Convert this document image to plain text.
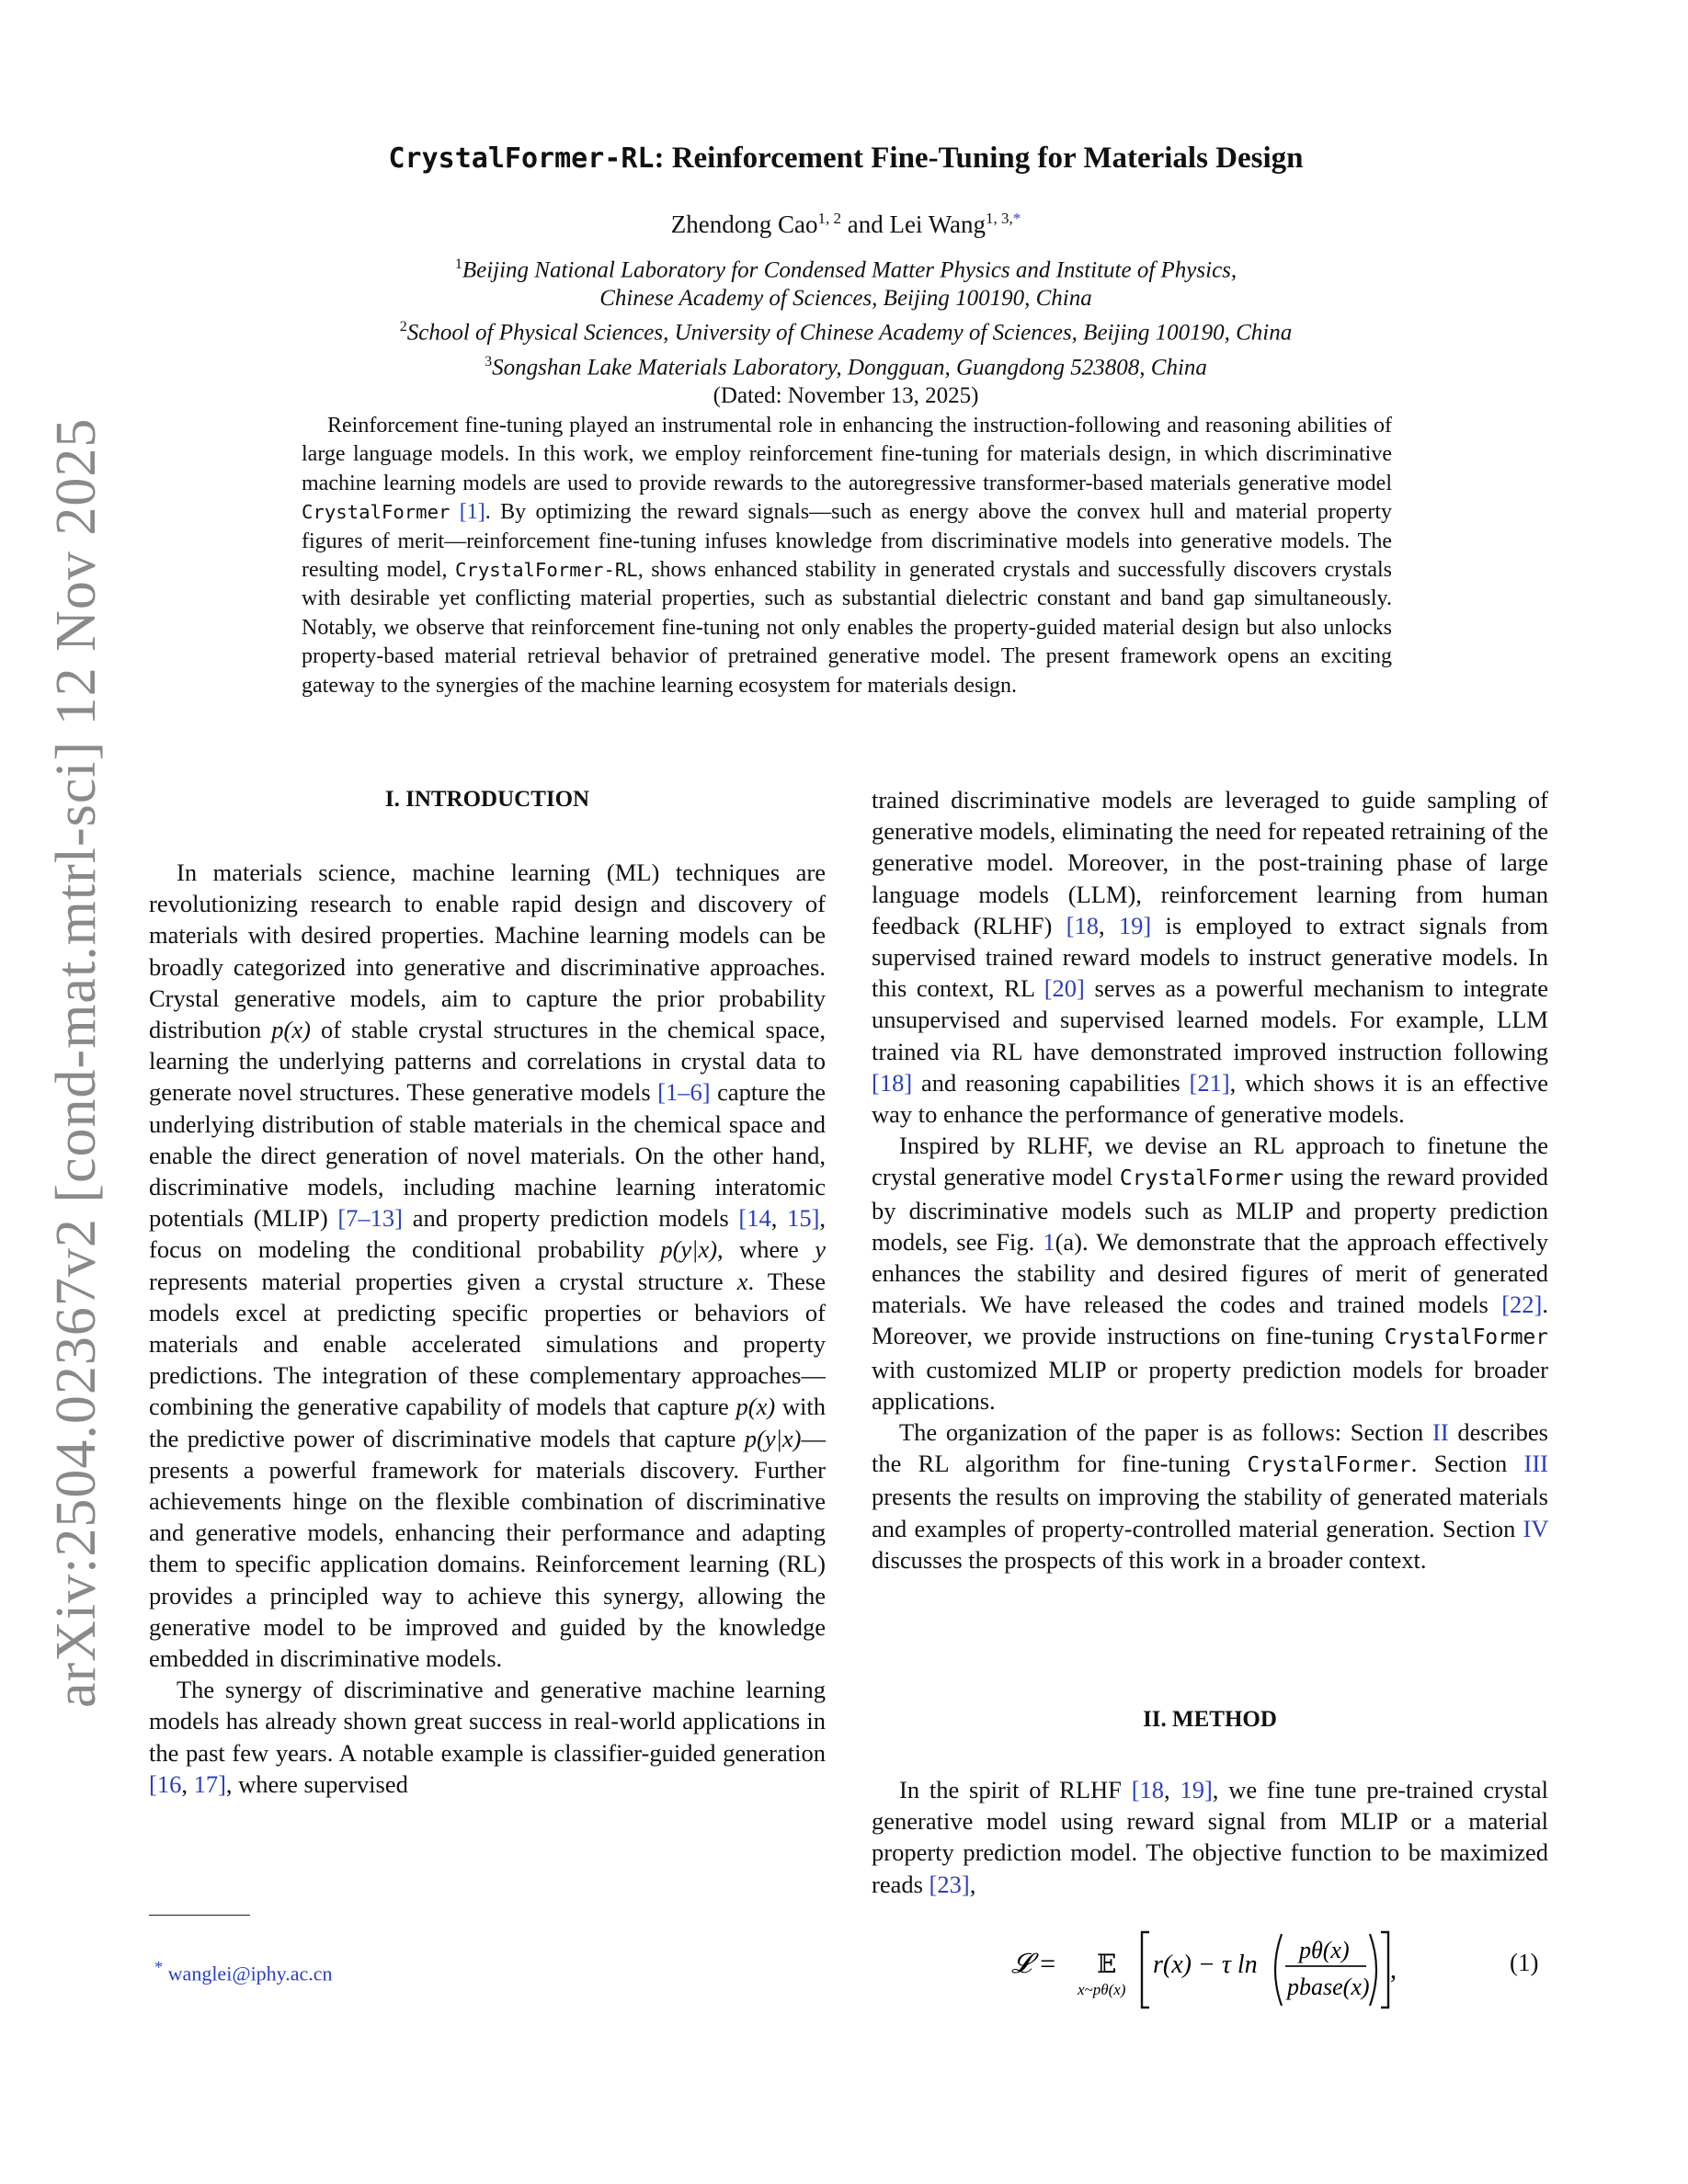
arXiv:2504.02367v2 [cond-mat.mtrl-sci] 12 Nov 2025
CrystalFormer-RL: Reinforcement Fine-Tuning for Materials Design
Zhendong Cao$^{1, 2}$ and Lei Wang$^{1, 3,*}$
$^1$Beijing National Laboratory for Condensed Matter Physics and Institute of Physics,
Chinese Academy of Sciences, Beijing 100190, China
$^2$School of Physical Sciences, University of Chinese Academy of Sciences, Beijing 100190, China
$^3$Songshan Lake Materials Laboratory, Dongguan, Guangdong 523808, China
(Dated: November 13, 2025)
Reinforcement fine-tuning played an instrumental role in enhancing the instruction-following and reasoning abilities of large language models. In this work, we employ reinforcement fine-tuning for materials design, in which discriminative machine learning models are used to provide rewards to the autoregressive transformer-based materials generative model CrystalFormer [1]. By optimizing the reward signals—such as energy above the convex hull and material property figures of merit—reinforcement fine-tuning infuses knowledge from discriminative models into generative models. The resulting model, CrystalFormer-RL, shows enhanced stability in generated crystals and successfully discovers crystals with desirable yet conflicting material properties, such as substantial dielectric constant and band gap simultaneously. Notably, we observe that reinforcement fine-tuning not only enables the property-guided material design but also unlocks property-based material retrieval behavior of pretrained generative model. The present framework opens an exciting gateway to the synergies of the machine learning ecosystem for materials design.
I. INTRODUCTION

In materials science, machine learning (ML) techniques are revolutionizing research to enable rapid design and discovery of materials with desired properties. Machine learning models can be broadly categorized into generative and discriminative approaches. Crystal generative models, aim to capture the prior probability distribution p(x) of stable crystal structures in the chemical space, learning the underlying patterns and correlations in crystal data to generate novel structures. These generative models [1–6] capture the underlying distribution of stable materials in the chemical space and enable the direct generation of novel materials. On the other hand, discriminative models, including machine learning interatomic potentials (MLIP) [7–13] and property prediction models [14, 15], focus on modeling the conditional probability p(y|x), where y represents material properties given a crystal structure x. These models excel at predicting specific properties or behaviors of materials and enable accelerated simulations and property predictions. The integration of these complementary approaches—combining the generative capability of models that capture p(x) with the predictive power of discriminative models that capture p(y|x)—presents a powerful framework for materials discovery. Further achievements hinge on the flexible combination of discriminative and generative models, enhancing their performance and adapting them to specific application domains. Reinforcement learning (RL) provides a principled way to achieve this synergy, allowing the generative model to be improved and guided by the knowledge embedded in discriminative models.

The synergy of discriminative and generative machine learning models has already shown great success in real-world applications in the past few years. A notable example is classifier-guided generation [16, 17], where supervised

trained discriminative models are leveraged to guide sampling of generative models, eliminating the need for repeated retraining of the generative model. Moreover, in the post-training phase of large language models (LLM), reinforcement learning from human feedback (RLHF) [18, 19] is employed to extract signals from supervised trained reward models to instruct generative models. In this context, RL [20] serves as a powerful mechanism to integrate unsupervised and supervised learned models. For example, LLM trained via RL have demonstrated improved instruction following [18] and reasoning capabilities [21], which shows it is an effective way to enhance the performance of generative models.

Inspired by RLHF, we devise an RL approach to finetune the crystal generative model CrystalFormer using the reward provided by discriminative models such as MLIP and property prediction models, see Fig. 1(a). We demonstrate that the approach effectively enhances the stability and desired figures of merit of generated materials. We have released the codes and trained models [22]. Moreover, we provide instructions on fine-tuning CrystalFormer with customized MLIP or property prediction models for broader applications.

The organization of the paper is as follows: Section II describes the RL algorithm for fine-tuning CrystalFormer. Section III presents the results on improving the stability of generated materials and examples of property-controlled material generation. Section IV discusses the prospects of this work in a broader context.

II. METHOD

In the spirit of RLHF [18, 19], we fine tune pre-trained crystal generative model using reward signal from MLIP or a material property prediction model. The objective function to be maximized reads [23],

𝓛 = 𝔼
x~pθ(x)
r(x) − τ ln
pθ(x)
pbase(x)
,	(1)
* wanglei@iphy.ac.cn
